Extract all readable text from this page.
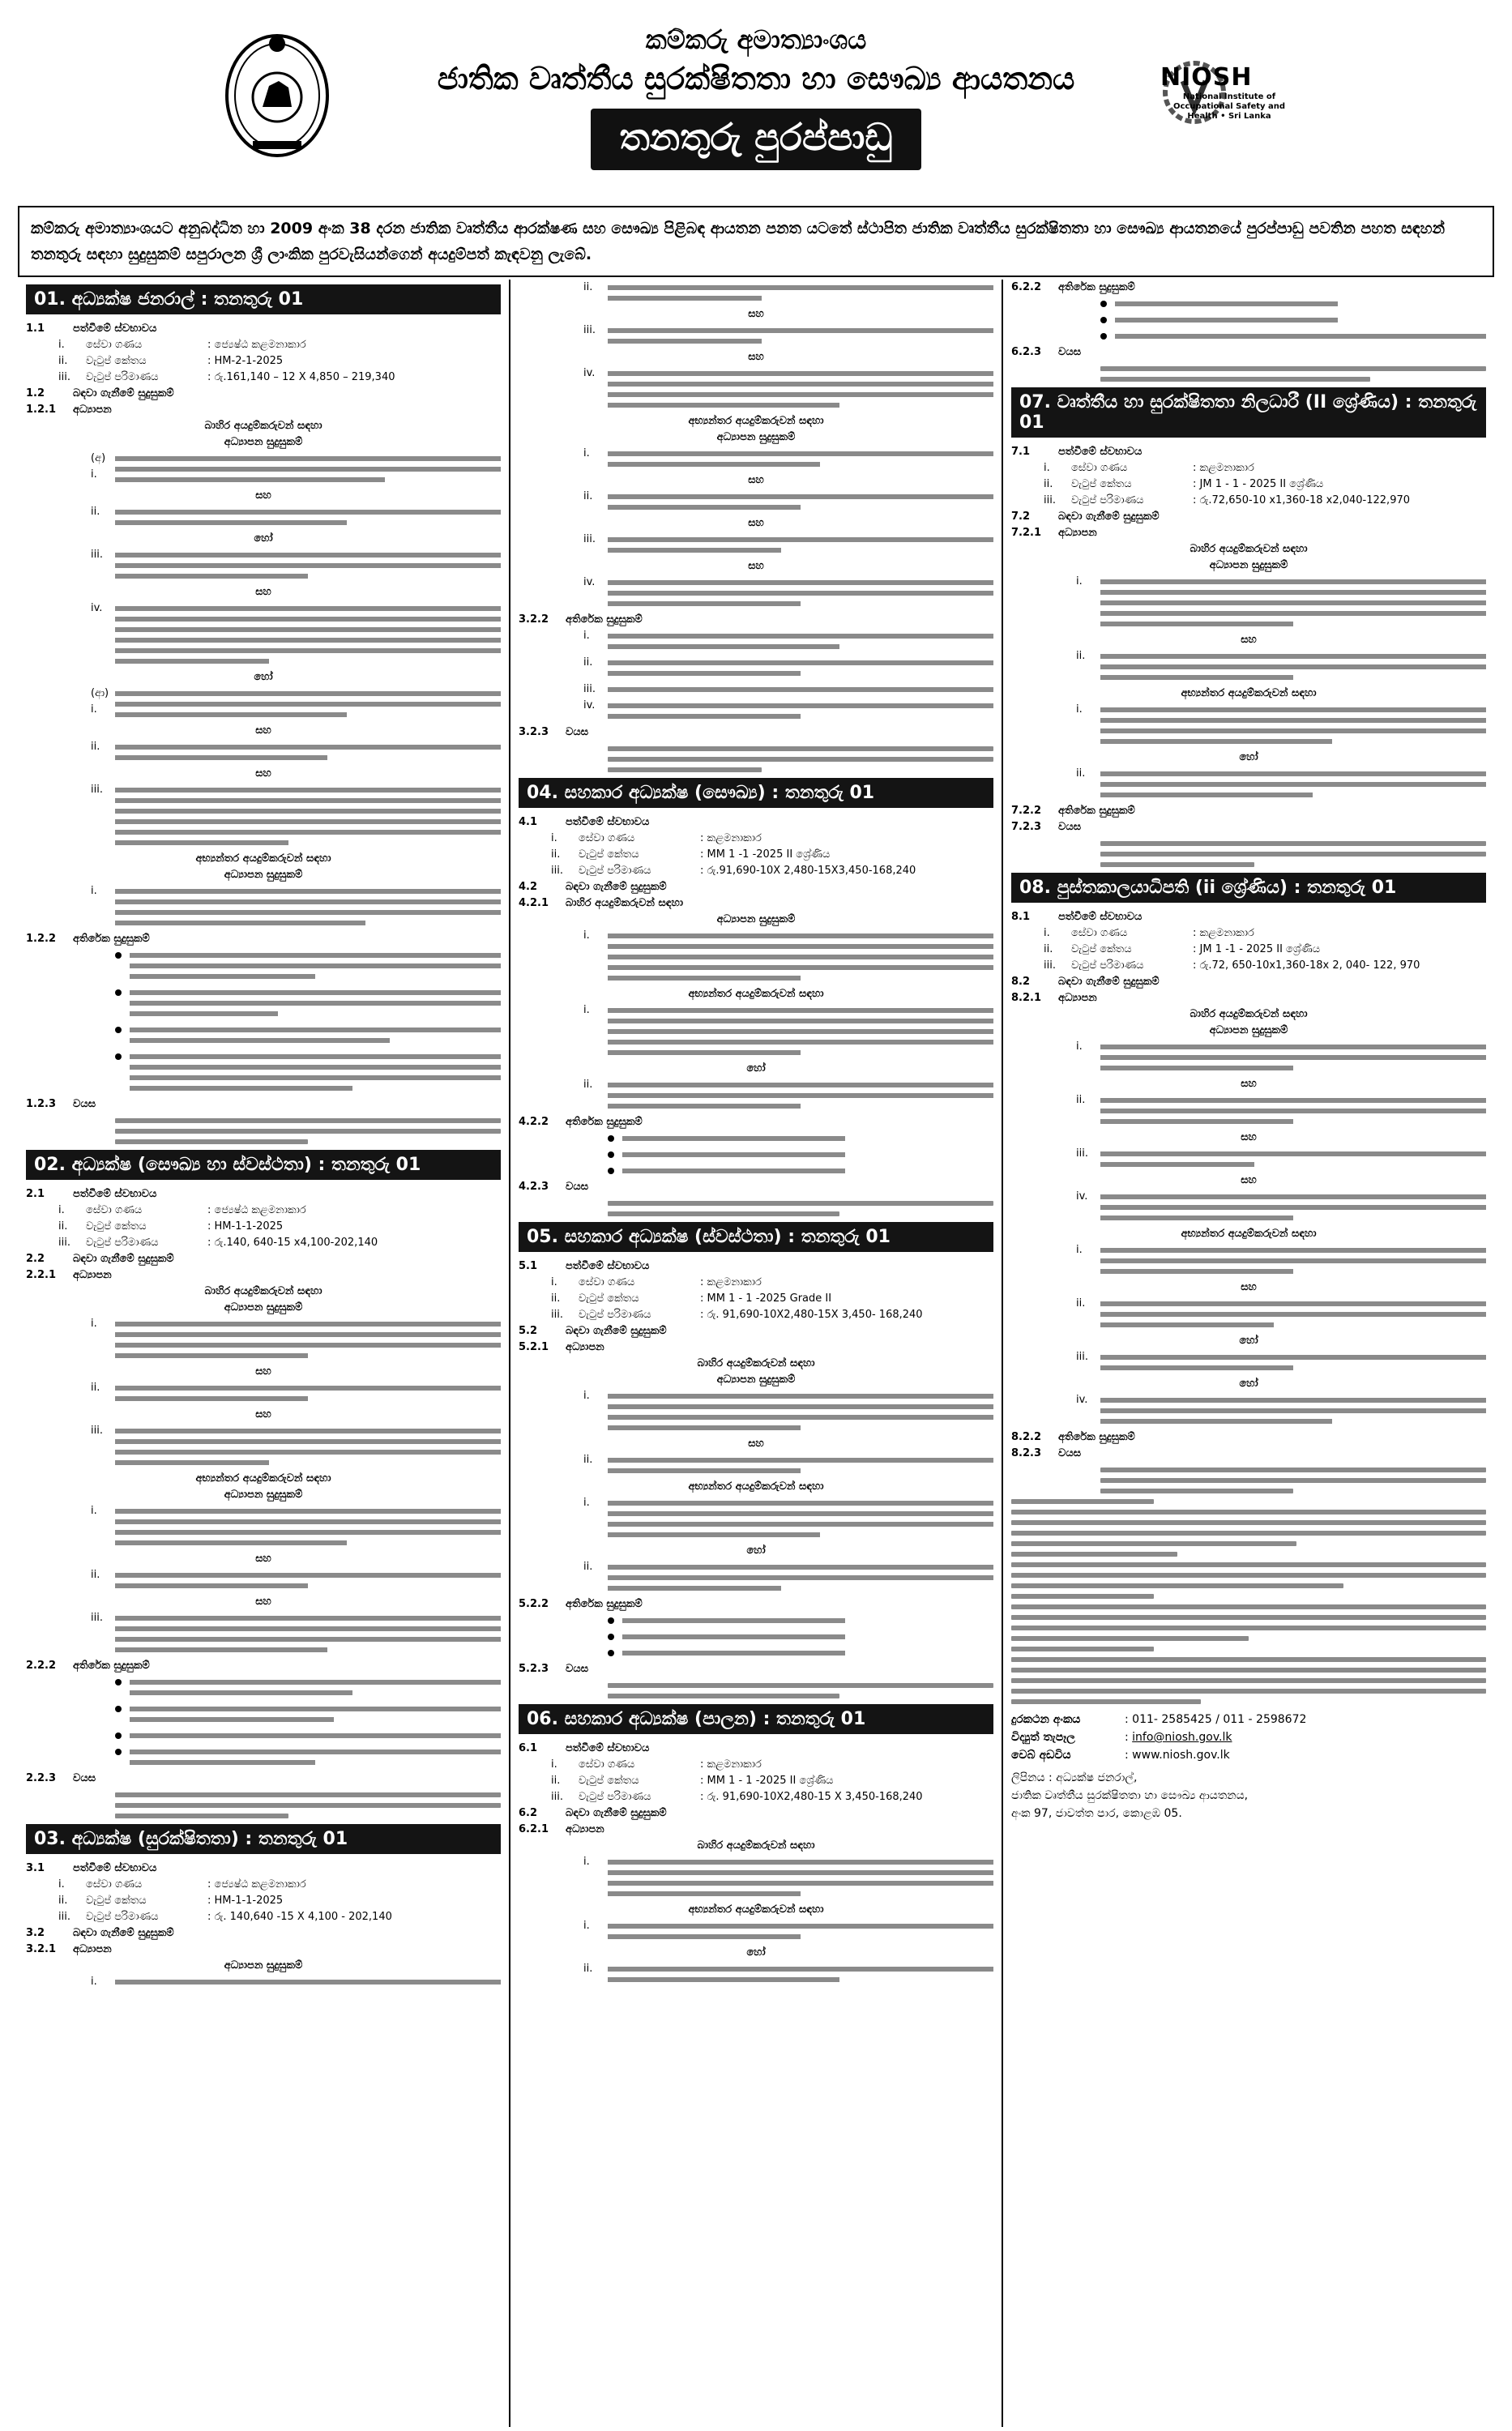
කම්කරු අමාත්‍යාංශය
ජාතික වෘත්තීය සුරක්ෂිතතා හා සෞඛ්‍ය ආයතනය
තනතුරු පුරප්පාඩු
NIOSH
National Institute of Occupational Safety and Health • Sri Lanka
කම්කරු අමාත්‍යාංශයට අනුබද්ධිත හා 2009 අංක 38 දරන ජාතික වෘත්තීය ආරක්ෂණ සහ සෞඛ්‍ය පිළිබඳ ආයතන පනත යටතේ ස්ථාපිත ජාතික වෘත්තීය සුරක්ෂිතතා හා සෞඛ්‍ය ආයතනයේ පුරප්පාඩු පවතින පහත සඳහන් තනතුරු සඳහා සුදුසුකම් සපුරාලන ශ්‍රී ලාංකික පුරවැසියන්ගෙන් අයදුම්පත් කැඳවනු ලැබේ.
01. අධ්‍යක්ෂ ජනරාල් : තනතුරු 01
1.1	පත්වීමේ ස්වභාවය
i.	සේවා ගණය	: ජ්‍යෙෂ්ඨ කළමනාකාර
ii.	වැටුප් කේතය	: HM-2-1-2025
iii.	වැටුප් පරිමාණය	: රු.161,140 – 12 X 4,850 – 219,340
1.2	බඳවා ගැනීමේ සුදුසුකම්
1.2.1	අධ්‍යාපන
බාහිර අයදුම්කරුවන් සඳහා
අධ්‍යාපන සුදුසුකම්
(අ) i.
සහ
ii.
හෝ
iii.
සහ
iv.
හෝ
(ආ) i.
සහ
ii.
සහ
iii.
අභ්‍යන්තර අයදුම්කරුවන් සඳහා
අධ්‍යාපන සුදුසුකම්
i.
1.2.2	අතිරේක සුදුසුකම්
1.2.3	වයස
02. අධ්‍යක්ෂ (සෞඛ්‍ය හා ස්වස්ථතා) : තනතුරු 01
2.1	පත්වීමේ ස්වභාවය
i.	සේවා ගණය	: ජ්‍යෙෂ්ඨ කළමනාකාර
ii.	වැටුප් කේතය	: HM-1-1-2025
iii.	වැටුප් පරිමාණය	: රු.140, 640-15 x4,100-202,140
2.2	බඳවා ගැනීමේ සුදුසුකම්
2.2.1	අධ්‍යාපන
බාහිර අයදුම්කරුවන් සඳහා
අධ්‍යාපන සුදුසුකම්
i.
සහ
ii.
සහ
iii.
අභ්‍යන්තර අයදුම්කරුවන් සඳහා
අධ්‍යාපන සුදුසුකම්
i.
සහ
ii.
සහ
iii.
2.2.2	අතිරේක සුදුසුකම්
2.2.3	වයස
03. අධ්‍යක්ෂ (සුරක්ෂිතතා) : තනතුරු 01
3.1	පත්වීමේ ස්වභාවය
i.	සේවා ගණය	: ජ්‍යෙෂ්ඨ කළමනාකාර
ii.	වැටුප් කේතය	: HM-1-1-2025
iii.	වැටුප් පරිමාණය	: රු. 140,640 -15 X 4,100 - 202,140
3.2	බඳවා ගැනීමේ සුදුසුකම්
3.2.1	අධ්‍යාපන
අධ්‍යාපන සුදුසුකම්
i.
ii.
සහ
iii.
සහ
iv.
අභ්‍යන්තර අයදුම්කරුවන් සඳහා
අධ්‍යාපන සුදුසුකම්
i.
සහ
ii.
සහ
iii.
සහ
iv.
3.2.2	අතිරේක සුදුසුකම්
i.
ii.
iii.
iv.
3.2.3	වයස
04. සහකාර අධ්‍යක්ෂ (සෞඛ්‍ය) : තනතුරු 01
4.1	පත්වීමේ ස්වභාවය
i.	සේවා ගණය	: කළමනාකාර
ii.	වැටුප් කේතය	: MM 1 -1 -2025 II ශ්‍රේණිය
iii.	වැටුප් පරිමාණය	: රු.91,690-10X 2,480-15X3,450-168,240
4.2	බඳවා ගැනීමේ සුදුසුකම්
4.2.1	බාහිර අයදුම්කරුවන් සඳහා
අධ්‍යාපන සුදුසුකම්
i.
අභ්‍යන්තර අයදුම්කරුවන් සඳහා
i.
හෝ
ii.
4.2.2	අතිරේක සුදුසුකම්
4.2.3	වයස
05. සහකාර අධ්‍යක්ෂ (ස්වස්ථතා) : තනතුරු 01
5.1	පත්වීමේ ස්වභාවය
i.	සේවා ගණය	: කළමනාකාර
ii.	වැටුප් කේතය	: MM 1 - 1 -2025 Grade II
iii.	වැටුප් පරිමාණය	: රු. 91,690-10X2,480-15X 3,450- 168,240
5.2	බඳවා ගැනීමේ සුදුසුකම්
5.2.1	අධ්‍යාපන
බාහිර අයදුම්කරුවන් සඳහා
අධ්‍යාපන සුදුසුකම්
i.
සහ
ii.
අභ්‍යන්තර අයදුම්කරුවන් සඳහා
i.
හෝ
ii.
5.2.2	අතිරේක සුදුසුකම්
5.2.3	වයස
06. සහකාර අධ්‍යක්ෂ (පාලන) : තනතුරු 01
6.1	පත්වීමේ ස්වභාවය
i.	සේවා ගණය	: කළමනාකාර
ii.	වැටුප් කේතය	: MM 1 - 1 -2025 II ශ්‍රේණිය
iii.	වැටුප් පරිමාණය	: රු. 91,690-10X2,480-15 X 3,450-168,240
6.2	බඳවා ගැනීමේ සුදුසුකම්
6.2.1	අධ්‍යාපන
බාහිර අයදුම්කරුවන් සඳහා
i.
අභ්‍යන්තර අයදුම්කරුවන් සඳහා
i.
හෝ
ii.
6.2.2	අතිරේක සුදුසුකම්
6.2.3	වයස
07. වෘත්තීය හා සුරක්ෂිතතා නිලධාරී (II ශ්‍රේණිය) : තනතුරු 01
7.1	පත්වීමේ ස්වභාවය
i.	සේවා ගණය	: කළමනාකාර
ii.	වැටුප් කේතය	: JM 1 - 1 - 2025 II ශ්‍රේණිය
iii.	වැටුප් පරිමාණය	: රු.72,650-10 x1,360-18 x2,040-122,970
7.2	බඳවා ගැනීමේ සුදුසුකම්
7.2.1	අධ්‍යාපන
බාහිර අයදුම්කරුවන් සඳහා
අධ්‍යාපන සුදුසුකම්
i.
සහ
ii.
අභ්‍යන්තර අයදුම්කරුවන් සඳහා
i.
හෝ
ii.
7.2.2	අතිරේක සුදුසුකම්
7.2.3	වයස
08. පුස්තකාලයාධිපති (ii ශ්‍රේණිය) : තනතුරු 01
8.1	පත්වීමේ ස්වභාවය
i.	සේවා ගණය	: කළමනාකාර
ii.	වැටුප් කේතය	: JM 1 -1 - 2025 II ශ්‍රේණිය
iii.	වැටුප් පරිමාණය	: රු.72, 650-10x1,360-18x 2, 040- 122, 970
8.2	බඳවා ගැනීමේ සුදුසුකම්
8.2.1	අධ්‍යාපන
බාහිර අයදුම්කරුවන් සඳහා
අධ්‍යාපන සුදුසුකම්
i.
සහ
ii.
සහ
iii.
සහ
iv.
අභ්‍යන්තර අයදුම්කරුවන් සඳහා
i.
සහ
ii.
හෝ
iii.
හෝ
iv.
8.2.2	අතිරේක සුදුසුකම්
8.2.3	වයස
දුරකථන අංකය	: 011- 2585425 / 011 - 2598672
විද්‍යුත් තැපෑල	: info@niosh.gov.lk
වෙබ් අඩවිය	: www.niosh.gov.lk
ලිපිනය : අධ්‍යක්ෂ ජනරාල්,
ජාතික වෘත්තීය සුරක්ෂිතතා හා සෞඛ්‍ය ආයතනය,
අංක 97, ජාවත්ත පාර, කොළඹ 05.
